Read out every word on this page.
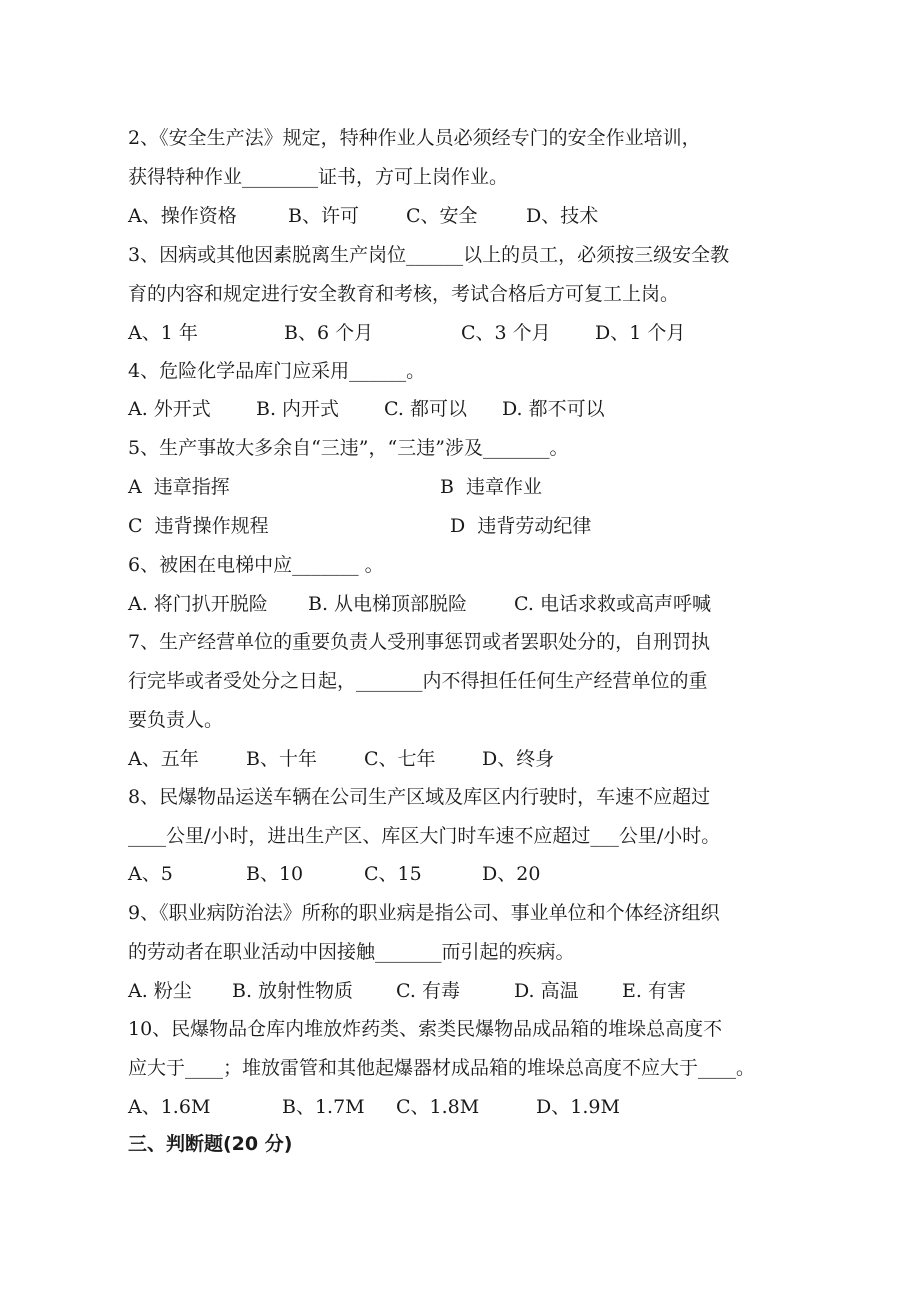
2、《安全生产法》规定，特种作业人员必须经专门的安全作业培训，
获得特种作业________证书，方可上岗作业。

A、操作资格

	B、许可

C、安全

	D、技术

3、因病或其他因素脱离生产岗位______以上的员工，必须按三级安全教
育的内容和规定进行安全教育和考核，考试合格后方可复工上岗。

A、1 年

	B、6 个月

	C、3 个月

D、1 个月

4、危险化学品库门应采用______。

A. 外开式

B. 内开式

C. 都可以

D. 都不可以

5、生产事故大多余自“三违”，“三违”涉及_______。

A  违章指挥

	B  违章作业

C  违背操作规程

	D  违背劳动纪律

6、被困在电梯中应_______ 。

A. 将门扒开脱险

B. 从电梯顶部脱险

C. 电话求救或高声呼喊

7、生产经营单位的重要负责人受刑事惩罚或者罢职处分的，自刑罚执
行完毕或者受处分之日起，_______内不得担任任何生产经营单位的重
要负责人。

A、五年

B、十年

C、七年

D、终身

8、民爆物品运送车辆在公司生产区域及库区内行驶时，车速不应超过
____公里/小时，进出生产区、库区大门时车速不应超过___公里/小时。

A、5

	B、10

	C、15

	D、20

9、《职业病防治法》所称的职业病是指公司、事业单位和个体经济组织
的劳动者在职业活动中因接触_______而引起的疾病。

A. 粉尘

B. 放射性物质

C. 有毒

	D. 高温

E. 有害

10、民爆物品仓库内堆放炸药类、索类民爆物品成品箱的堆垛总高度不
应大于____；堆放雷管和其他起爆器材成品箱的堆垛总高度不应大于____。

A、1.6M

	B、1.7M

C、1.8M

	D、1.9M

三、判断题(20 分)
